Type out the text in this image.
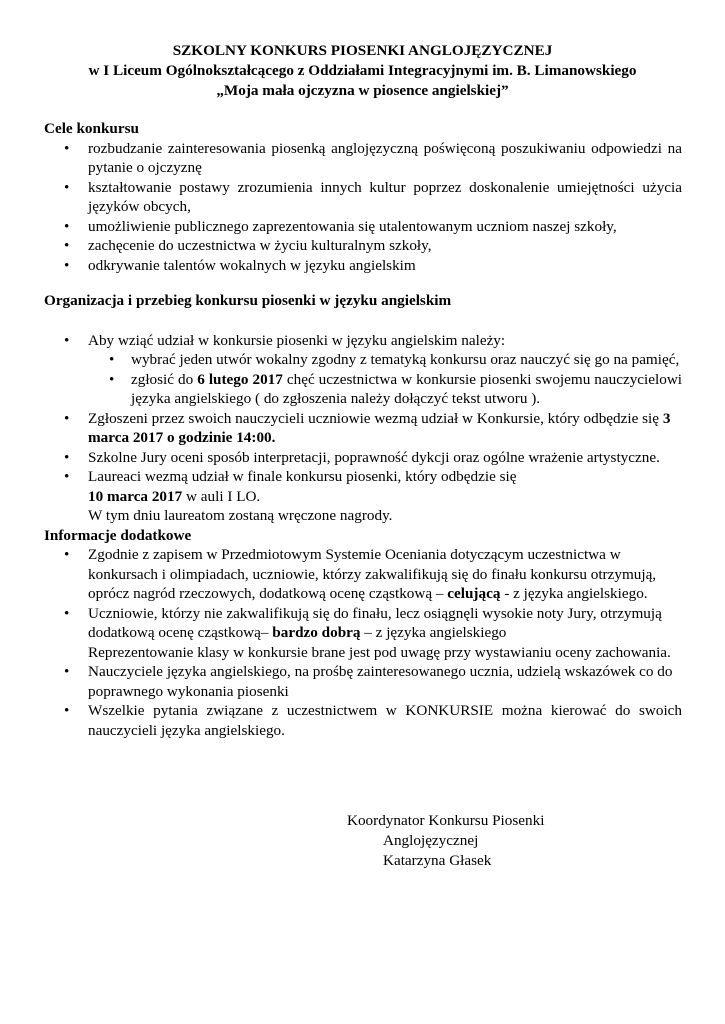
SZKOLNY KONKURS PIOSENKI ANGLOJĘZYCZNEJ
w I Liceum Ogólnokształcącego z Oddziałami Integracyjnymi im. B. Limanowskiego
„Moja mała ojczyzna w piosence angielskiej”
Cele konkursu
• rozbudzanie zainteresowania piosenką anglojęzyczną poświęconą poszukiwaniu odpowiedzi na pytanie o ojczyznę
• kształtowanie postawy zrozumienia innych kultur poprzez doskonalenie umiejętności użycia języków obcych,
• umożliwienie publicznego zaprezentowania się utalentowanym uczniom naszej szkoły,
• zachęcenie do uczestnictwa w życiu kulturalnym szkoły,
• odkrywanie talentów wokalnych w języku angielskim
Organizacja i przebieg konkursu piosenki w języku angielskim
• Aby wziąć udział w konkursie piosenki w języku angielskim należy:
• wybrać jeden utwór wokalny zgodny z tematyką konkursu oraz nauczyć się go na pamięć,
• zgłosić do 6 lutego 2017 chęć uczestnictwa w konkursie piosenki swojemu nauczycielowi języka angielskiego ( do zgłoszenia należy dołączyć tekst utworu ).
• Zgłoszeni przez swoich nauczycieli uczniowie wezmą udział w Konkursie, który odbędzie się 3 marca 2017 o godzinie 14:00.
• Szkolne Jury oceni sposób interpretacji, poprawność dykcji oraz ogólne wrażenie artystyczne.
• Laureaci wezmą udział w finale konkursu piosenki, który odbędzie się
10 marca 2017 w auli I LO.
W tym dniu laureatom zostaną wręczone nagrody.
Informacje dodatkowe
• Zgodnie z zapisem w Przedmiotowym Systemie Oceniania dotyczącym uczestnictwa w konkursach i olimpiadach, uczniowie, którzy zakwalifikują się do finału konkursu otrzymują, oprócz nagród rzeczowych, dodatkową ocenę cząstkową – celującą - z języka angielskiego.
• Uczniowie, którzy nie zakwalifikują się do finału, lecz osiągnęli wysokie noty Jury, otrzymują dodatkową ocenę cząstkową– bardzo dobrą – z języka angielskiego
Reprezentowanie klasy w konkursie brane jest pod uwagę przy wystawianiu oceny zachowania.
• Nauczyciele języka angielskiego, na prośbę zainteresowanego ucznia, udzielą wskazówek co do poprawnego wykonania piosenki
• Wszelkie pytania związane z uczestnictwem w KONKURSIE można kierować do swoich nauczycieli języka angielskiego.
Koordynator Konkursu Piosenki
Anglojęzycznej
Katarzyna Głasek
